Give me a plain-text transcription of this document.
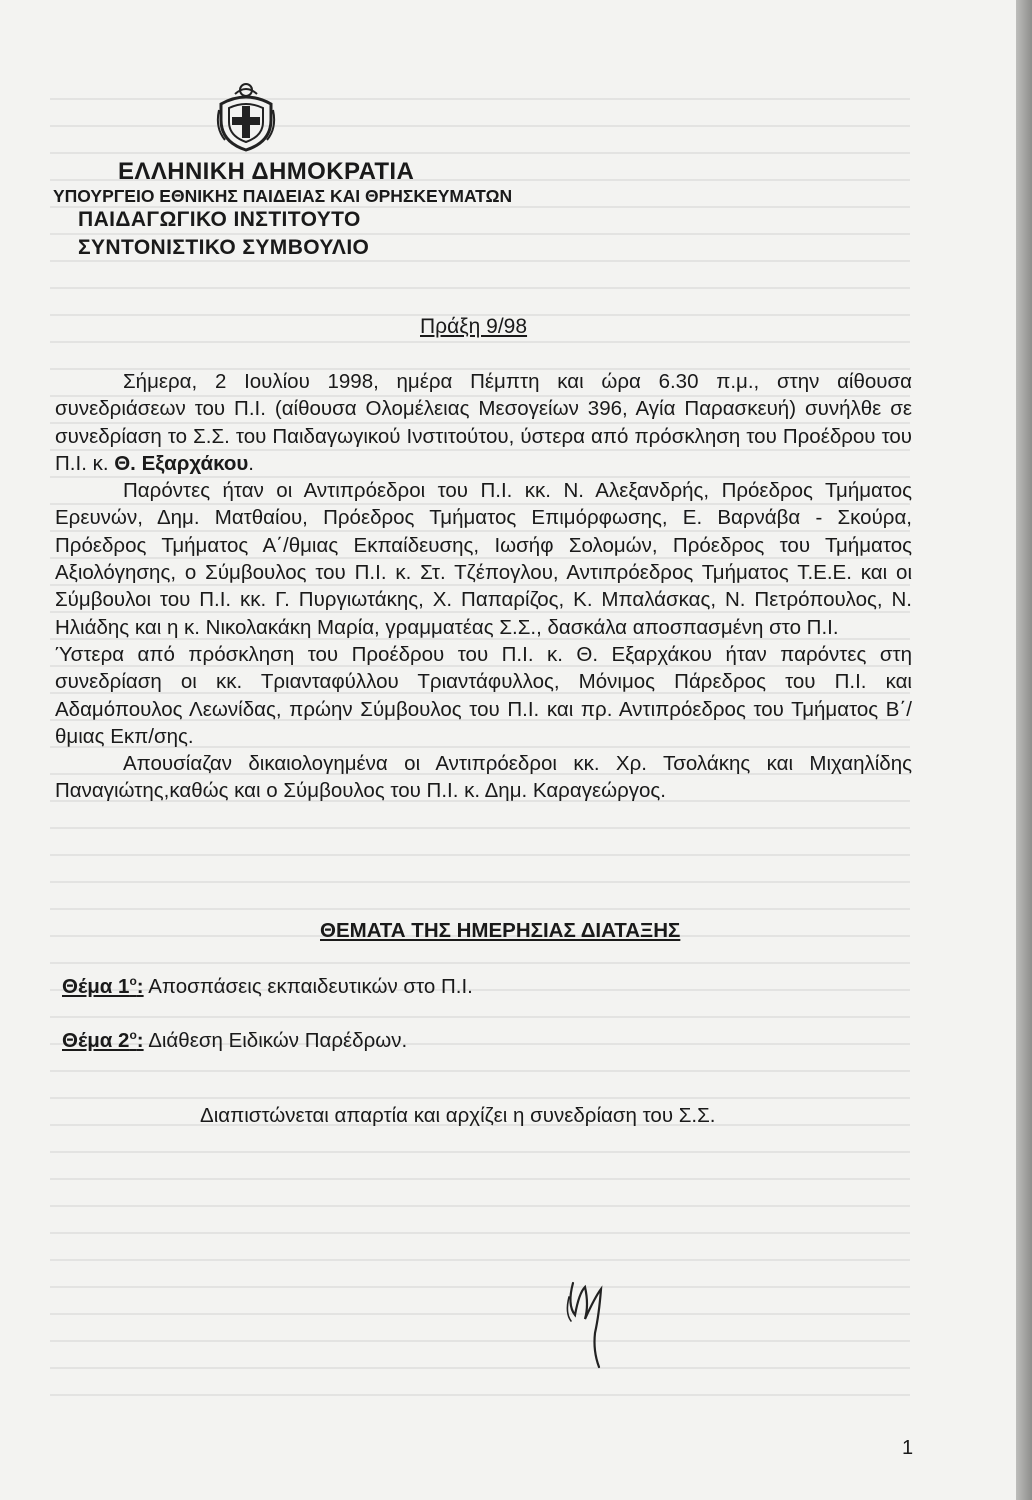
ΕΛΛΗΝΙΚΗ ΔΗΜΟΚΡΑΤΙΑ
ΥΠΟΥΡΓΕΙΟ ΕΘΝΙΚΗΣ ΠΑΙΔΕΙΑΣ ΚΑΙ ΘΡΗΣΚΕΥΜΑΤΩΝ
ΠΑΙΔΑΓΩΓΙΚΟ ΙΝΣΤΙΤΟΥΤΟ
ΣΥΝΤΟΝΙΣΤΙΚΟ ΣΥΜΒΟΥΛΙΟ
Πράξη 9/98

Σήμερα, 2 Ιουλίου 1998, ημέρα Πέμπτη και ώρα 6.30 π.μ., στην αίθουσα συνεδριάσεων του Π.Ι. (αίθουσα Ολομέλειας Μεσογείων 396, Αγία Παρασκευή) συνήλθε σε συνεδρίαση το Σ.Σ. του Παιδαγωγικού Ινστιτούτου, ύστερα από πρόσκληση του Προέδρου του Π.Ι. κ. Θ. Εξαρχάκου.

Παρόντες ήταν οι Αντιπρόεδροι του Π.Ι. κκ. Ν. Αλεξανδρής, Πρόεδρος Τμήματος Ερευνών, Δημ. Ματθαίου, Πρόεδρος Τμήματος Επιμόρφωσης, Ε. Βαρνάβα - Σκούρα, Πρόεδρος Τμήματος Α΄/θμιας Εκπαίδευσης, Ιωσήφ Σολομών, Πρόεδρος του Τμήματος Αξιολόγησης, ο Σύμβουλος του Π.Ι. κ. Στ. Τζέπογλου, Αντιπρόεδρος Τμήματος Τ.Ε.Ε. και οι Σύμβουλοι του Π.Ι. κκ. Γ. Πυργιωτάκης, Χ. Παπαρίζος, Κ. Μπαλάσκας, Ν. Πετρόπουλος, Ν. Ηλιάδης και η κ. Νικολακάκη Μαρία, γραμματέας Σ.Σ., δασκάλα αποσπασμένη στο Π.Ι.

Ύστερα από πρόσκληση του Προέδρου του Π.Ι. κ. Θ. Εξαρχάκου ήταν παρόντες στη συνεδρίαση οι κκ. Τριανταφύλλου Τριαντάφυλλος, Μόνιμος Πάρεδρος του Π.Ι. και Αδαμόπουλος Λεωνίδας, πρώην Σύμβουλος του Π.Ι. και πρ. Αντιπρόεδρος του Τμήματος Β΄/θμιας Εκπ/σης.

Απουσίαζαν δικαιολογημένα οι Αντιπρόεδροι κκ. Χρ. Τσολάκης και Μιχαηλίδης Παναγιώτης,καθώς και ο Σύμβουλος του Π.Ι. κ. Δημ. Καραγεώργος.

ΘΕΜΑΤΑ ΤΗΣ ΗΜΕΡΗΣΙΑΣ ΔΙΑΤΑΞΗΣ
Θέμα $1^o$: Αποσπάσεις εκπαιδευτικών στο Π.Ι.
Θέμα $2^o$: Διάθεση Ειδικών Παρέδρων.
Διαπιστώνεται απαρτία και αρχίζει η συνεδρίαση του Σ.Σ.
1
